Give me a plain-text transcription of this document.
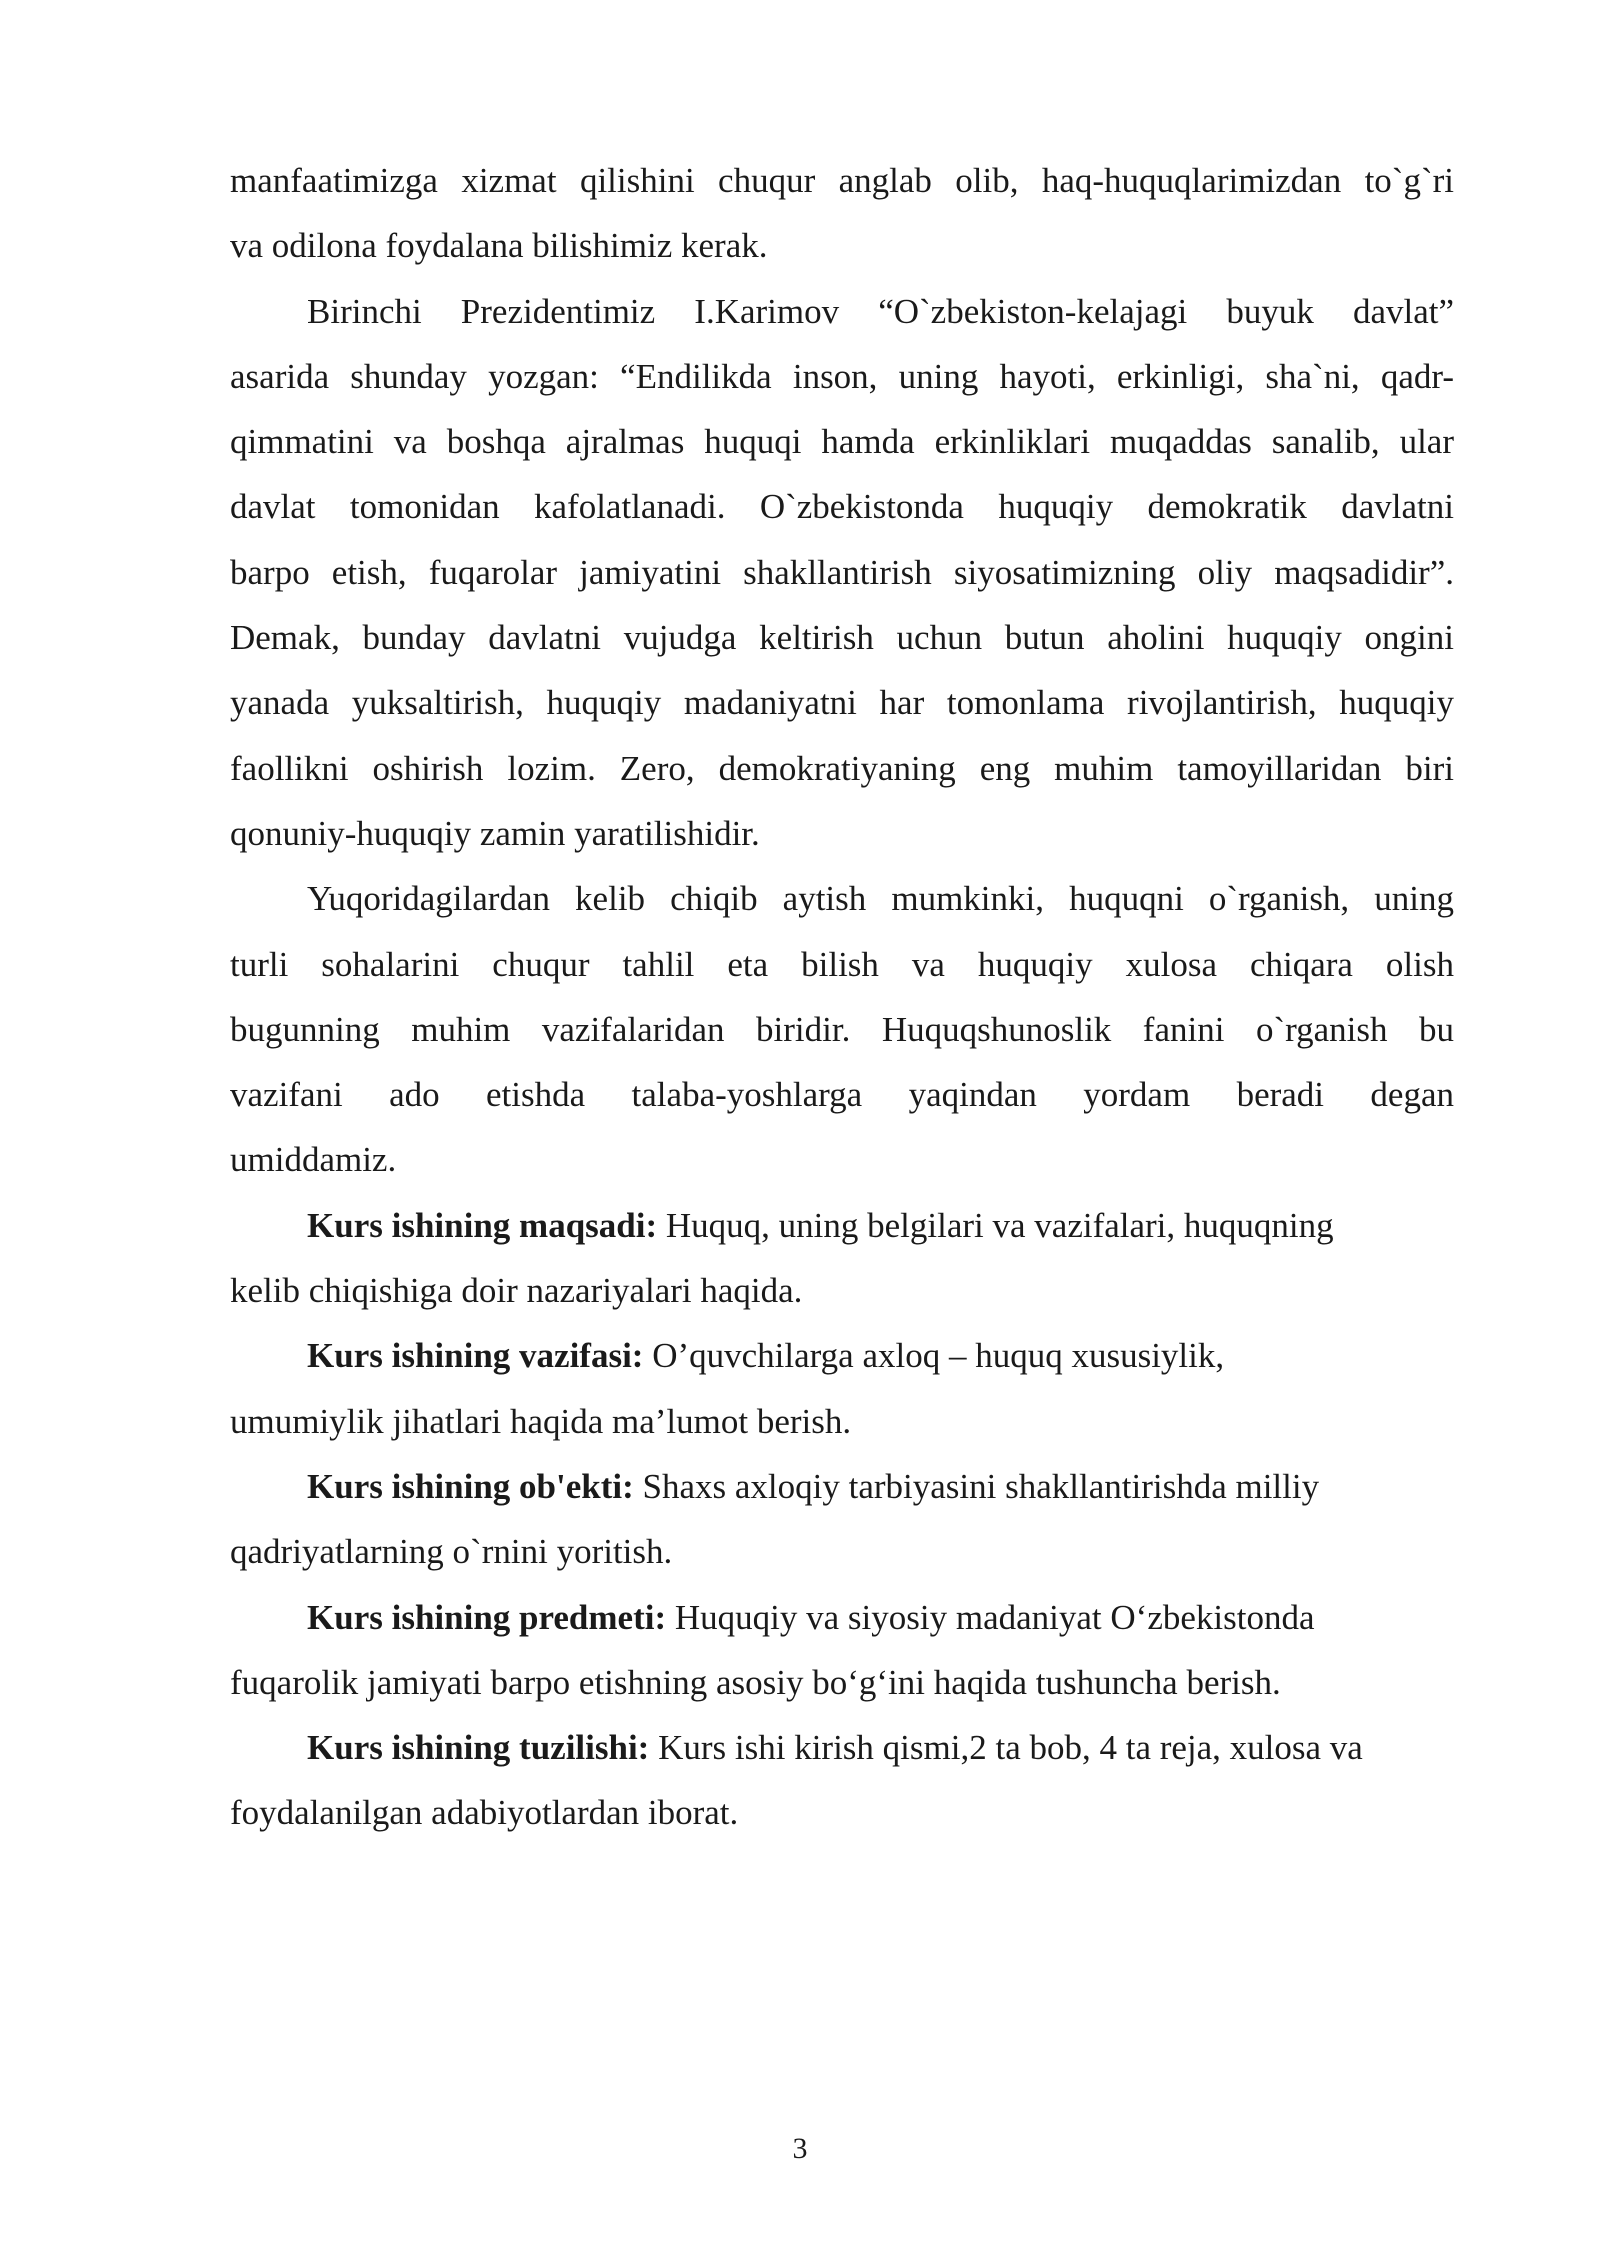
manfaatimizga xizmat qilishini chuqur anglab olib, haq-huquqlarimizdan to`g`ri
va odilona foydalana bilishimiz kerak.
Birinchi Prezidentimiz I.Karimov “O`zbekiston-kelajagi buyuk davlat”
asarida shunday yozgan: “Endilikda inson, uning hayoti, erkinligi, sha`ni, qadr-
qimmatini va boshqa ajralmas huquqi hamda erkinliklari muqaddas sanalib, ular
davlat tomonidan kafolatlanadi. O`zbekistonda huquqiy demokratik davlatni
barpo etish, fuqarolar jamiyatini shakllantirish siyosatimizning oliy maqsadidir”.
Demak, bunday davlatni vujudga keltirish uchun butun aholini huquqiy ongini
yanada yuksaltirish, huquqiy madaniyatni har tomonlama rivojlantirish, huquqiy
faollikni oshirish lozim. Zero, demokratiyaning eng muhim tamoyillaridan biri
qonuniy-huquqiy zamin yaratilishidir.
Yuqoridagilardan kelib chiqib aytish mumkinki, huquqni o`rganish, uning
turli sohalarini chuqur tahlil eta bilish va huquqiy xulosa chiqara olish
bugunning muhim vazifalaridan biridir. Huquqshunoslik fanini o`rganish bu
vazifani ado etishda talaba-yoshlarga yaqindan yordam beradi degan
umiddamiz.
Kurs ishining maqsadi: Huquq, uning belgilari va vazifalari, huquqning
kelib chiqishiga doir nazariyalari haqida.
Kurs ishining vazifasi: O’quvchilarga axloq – huquq xususiylik,
umumiylik jihatlari haqida ma’lumot berish.
Kurs ishining ob'ekti: Shaxs axloqiy tarbiyasini shakllantirishda milliy
qadriyatlarning o`rnini yoritish.
Kurs ishining predmeti: Huquqiy va siyosiy madaniyat O‘zbekistonda
fuqarolik jamiyati barpo etishning asosiy bo‘g‘ini haqida tushuncha berish.
Kurs ishining tuzilishi: Kurs ishi kirish qismi,2 ta bob, 4 ta reja, xulosa va
foydalanilgan adabiyotlardan iborat.
3
